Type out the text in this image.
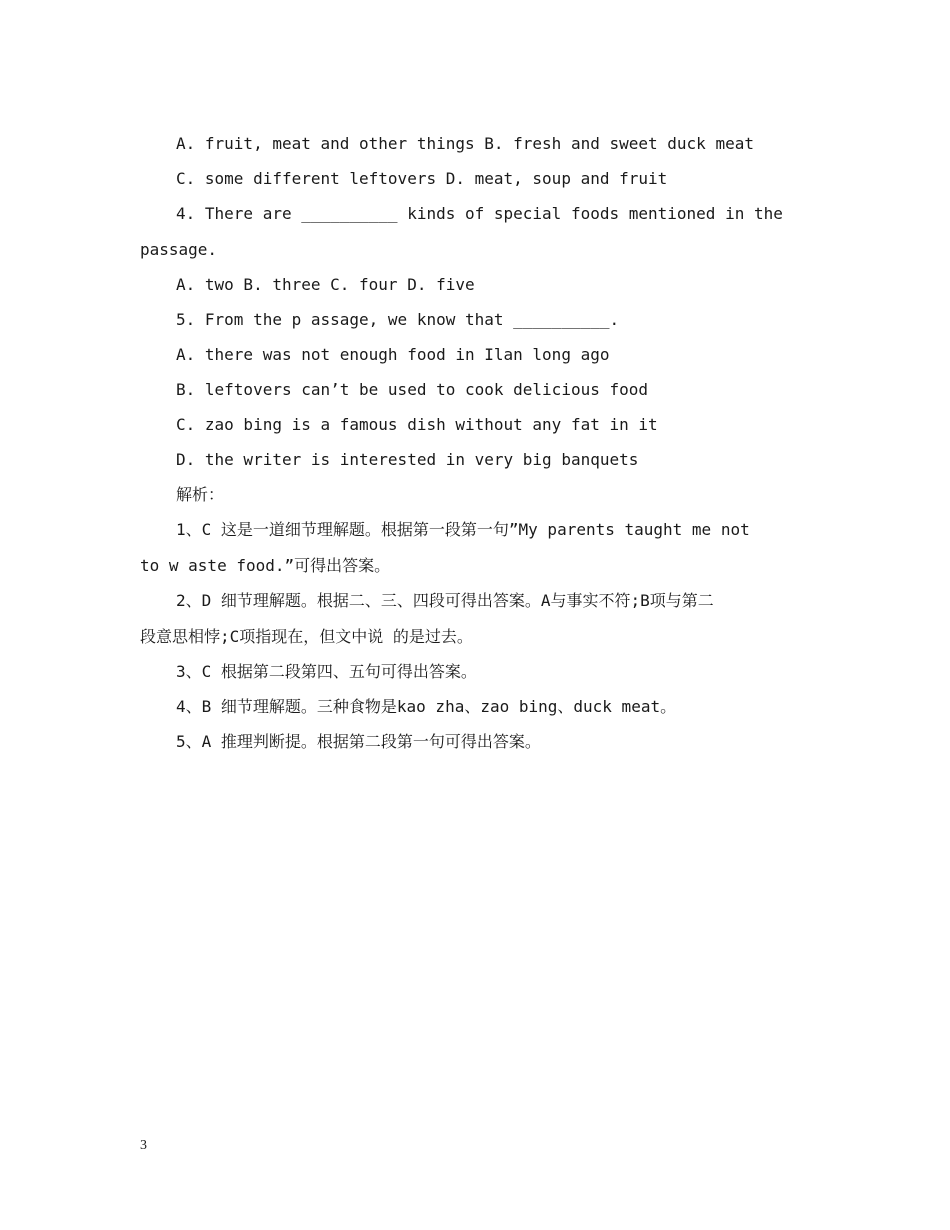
A. fruit, meat and other things B. fresh and sweet duck meat
C. some different leftovers D. meat, soup and fruit
4. There are __________ kinds of special foods mentioned in the
passage.
A. two B. three C. four D. five
5. From the p assage, we know that __________.
A. there was not enough food in Ilan long ago
B. leftovers can’t be used to cook delicious food
C. zao bing is a famous dish without any fat in it
D. the writer is interested in very big banquets
解析：
1、C 这是一道细节理解题。根据第一段第一句”My parents taught me not
to w aste food.”可得出答案。
2、D 细节理解题。根据二、三、四段可得出答案。A与事实不符;B项与第二
段意思相悖;C项指现在，但文中说 的是过去。
3、C 根据第二段第四、五句可得出答案。
4、B 细节理解题。三种食物是kao zha、zao bing、duck meat。
5、A 推理判断提。根据第二段第一句可得出答案。
3
